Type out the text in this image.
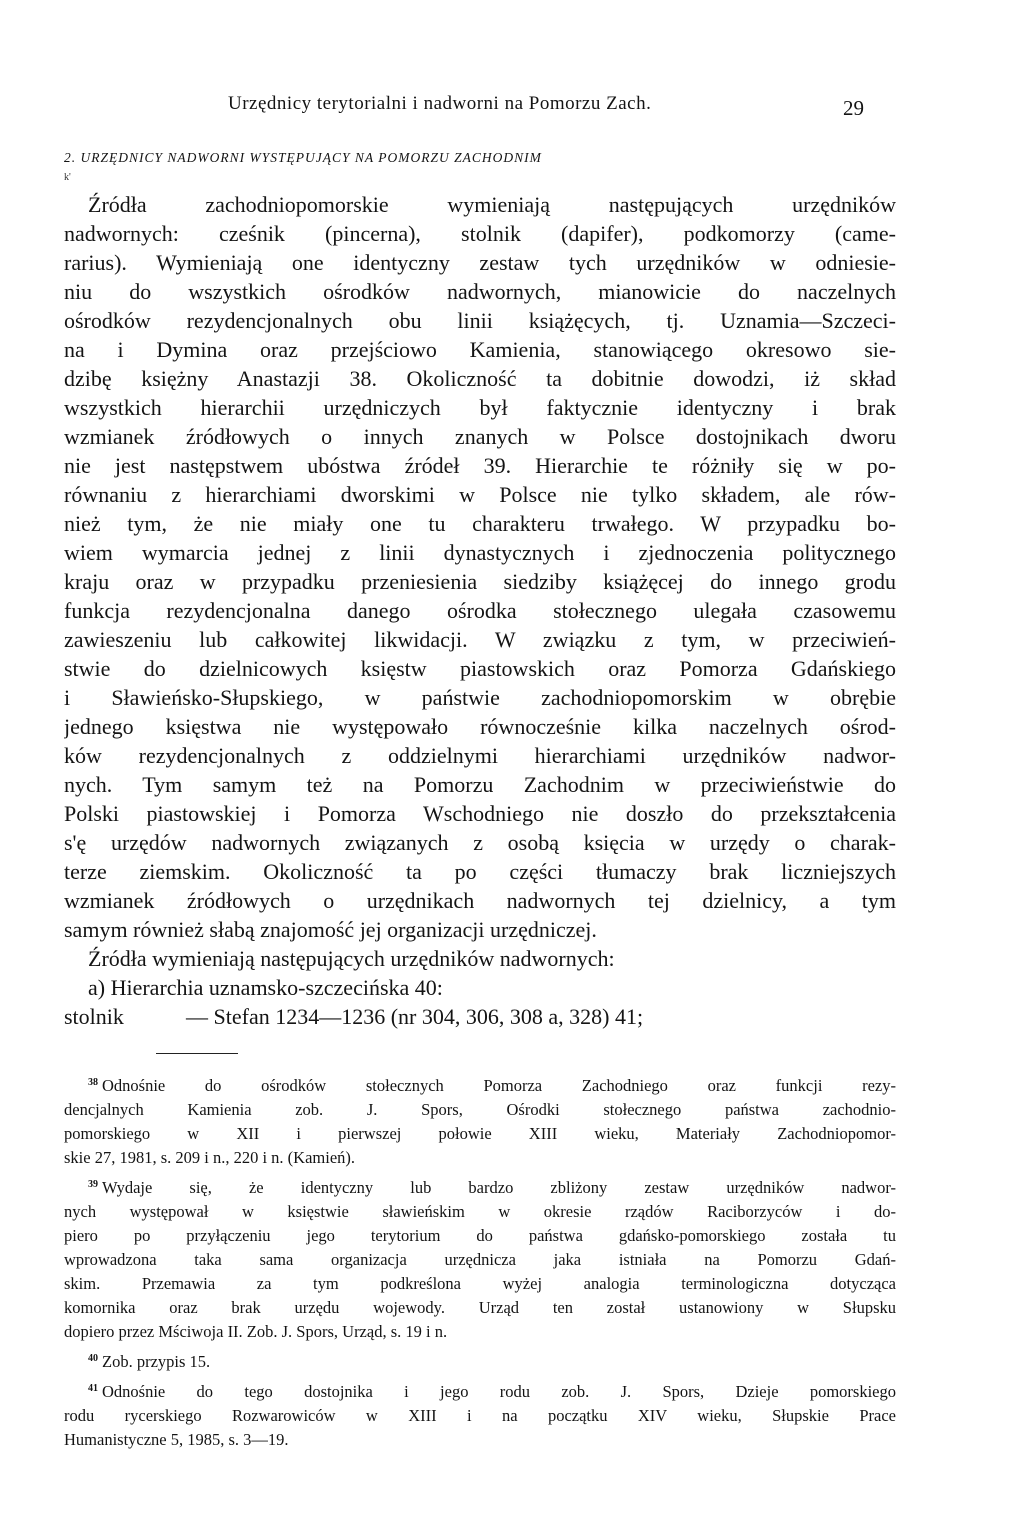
Urzędnicy terytorialni i nadworni na Pomorzu Zach.	29
2. URZĘDNICY NADWORNI WYSTĘPUJĄCY NA POMORZU ZACHODNIM
k'
Źródła zachodniopomorskie wymieniają następujących urzędników
nadwornych: cześnik (pincerna), stolnik (dapifer), podkomorzy (came-
rarius). Wymieniają one identyczny zestaw tych urzędników w odniesie-
niu do wszystkich ośrodków nadwornych, mianowicie do naczelnych
ośrodków rezydencjonalnych obu linii książęcych, tj. Uznamia—Szczeci-
na i Dymina oraz przejściowo Kamienia, stanowiącego okresowo sie-
dzibę księżny Anastazji 38. Okoliczność ta dobitnie dowodzi, iż skład
wszystkich hierarchii urzędniczych był faktycznie identyczny i brak
wzmianek źródłowych o innych znanych w Polsce dostojnikach dworu
nie jest następstwem ubóstwa źródeł 39. Hierarchie te różniły się w po-
równaniu z hierarchiami dworskimi w Polsce nie tylko składem, ale rów-
nież tym, że nie miały one tu charakteru trwałego. W przypadku bo-
wiem wymarcia jednej z linii dynastycznych i zjednoczenia politycznego
kraju oraz w przypadku przeniesienia siedziby książęcej do innego grodu
funkcja rezydencjonalna danego ośrodka stołecznego ulegała czasowemu
zawieszeniu lub całkowitej likwidacji. W związku z tym, w przeciwień-
stwie do dzielnicowych księstw piastowskich oraz Pomorza Gdańskiego
i Sławieńsko-Słupskiego, w państwie zachodniopomorskim w obrębie
jednego księstwa nie występowało równocześnie kilka naczelnych ośrod-
ków rezydencjonalnych z oddzielnymi hierarchiami urzędników nadwor-
nych. Tym samym też na Pomorzu Zachodnim w przeciwieństwie do
Polski piastowskiej i Pomorza Wschodniego nie doszło do przekształcenia
s'ę urzędów nadwornych związanych z osobą księcia w urzędy o charak-
terze ziemskim. Okoliczność ta po części tłumaczy brak liczniejszych
wzmianek źródłowych o urzędnikach nadwornych tej dzielnicy, a tym
samym również słabą znajomość jej organizacji urzędniczej.
Źródła wymieniają następujących urzędników nadwornych:
a) Hierarchia uznamsko-szczecińska 40:
stolnik	— Stefan 1234—1236 (nr 304, 306, 308 a, 328) 41;
$^{38}$ Odnośnie do ośrodków stołecznych Pomorza Zachodniego oraz funkcji rezy-
dencjalnych Kamienia zob. J. Spors, Ośrodki stołecznego państwa zachodnio-
pomorskiego w XII i pierwszej połowie XIII wieku, Materiały Zachodniopomor-
skie 27, 1981, s. 209 i n., 220 i n. (Kamień).
$^{39}$ Wydaje się, że identyczny lub bardzo zbliżony zestaw urzędników nadwor-
nych występował w księstwie sławieńskim w okresie rządów Raciborzyców i do-
piero po przyłączeniu jego terytorium do państwa gdańsko-pomorskiego została tu
wprowadzona taka sama organizacja urzędnicza jaka istniała na Pomorzu Gdań-
skim. Przemawia za tym podkreślona wyżej analogia terminologiczna dotycząca
komornika oraz brak urzędu wojewody. Urząd ten został ustanowiony w Słupsku
dopiero przez Mściwoja II. Zob. J. Spors, Urząd, s. 19 i n.
$^{40}$ Zob. przypis 15.
$^{41}$ Odnośnie do tego dostojnika i jego rodu zob. J. Spors, Dzieje pomorskiego
rodu rycerskiego Rozwarowiców w XIII i na początku XIV wieku, Słupskie Prace
Humanistyczne 5, 1985, s. 3—19.
